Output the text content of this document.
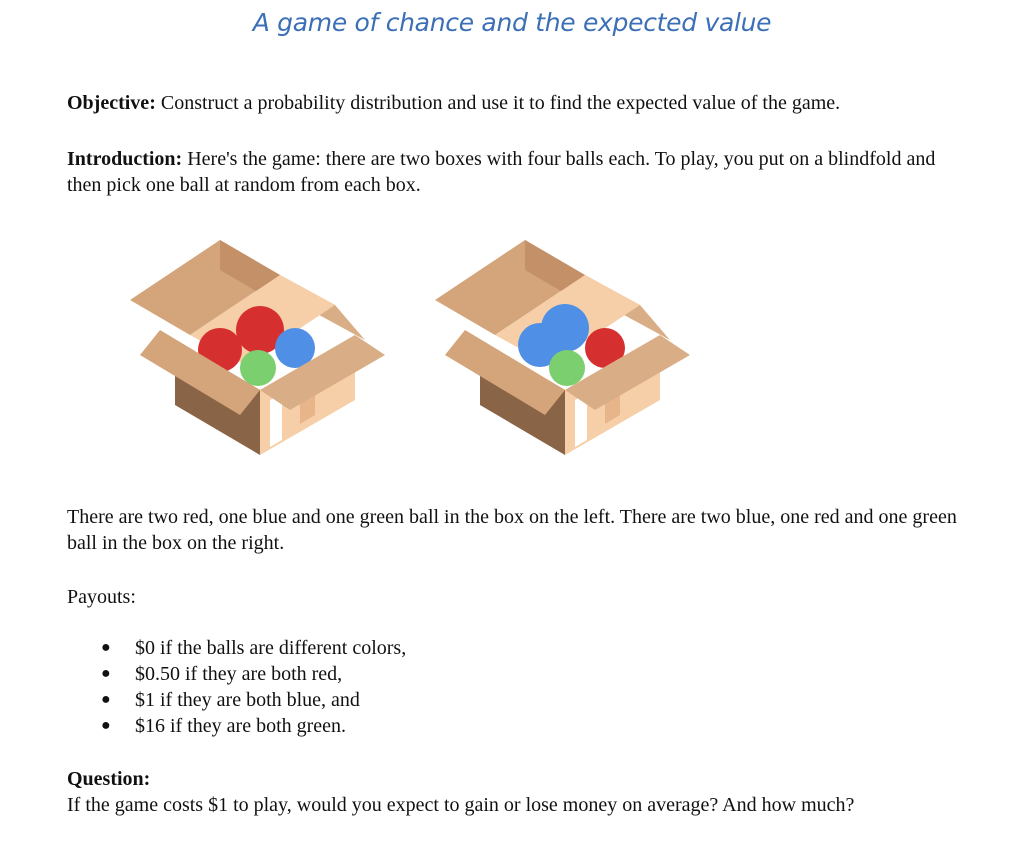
A game of chance and the expected value
Objective: Construct a probability distribution and use it to find the expected value of the game.
Introduction: Here's the game: there are two boxes with four balls each. To play, you put on a blindfold and then pick one ball at random from each box.
There are two red, one blue and one green ball in the box on the left. There are two blue, one red and one green ball in the box on the right.
Payouts:
● $0 if the balls are different colors,
● $0.50 if they are both red,
● $1 if they are both blue, and
● $16 if they are both green.
Question:
If the game costs $1 to play, would you expect to gain or lose money on average? And how much?
